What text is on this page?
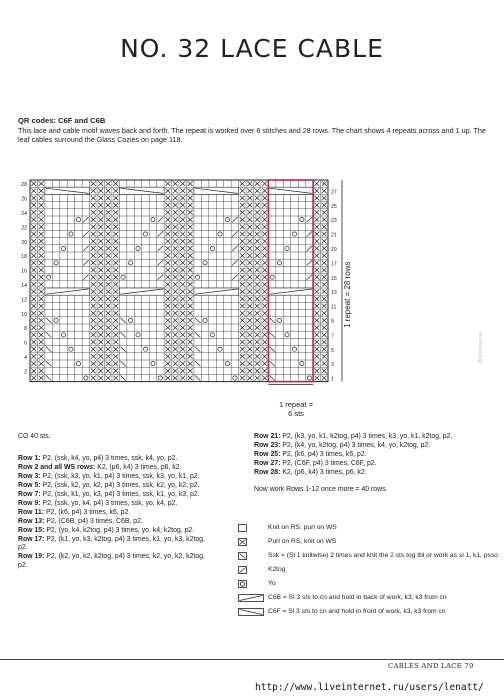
NO. 32 LACE CABLE

QR codes: C6F and C6B

This lace and cable motif waves back and forth. The repeat is worked over 6 stitches and 28 rows. The chart shows 4 repeats across and 1 up. The leaf cables surround the Glass Cozies on page 118.

28
26
24
22
20
18
16
14
12
10
8
6
4
2
27
25
23
21
19
17
15
13
11
9
7
5
3
1
1 repeat = 28 rows
1 repeat =
6 sts
@liveinternet
CO 40 sts.
Row 1: P2, (ssk, k4, yo, p4) 3 times, ssk, k4, yo, p2.
Row 2 and all WS rows: K2, (p6, k4) 3 times, p6, k2.
Row 3: P2, (ssk, k3, yo, k1, p4) 3 times, ssk, k3, yo, k1, p2.
Row 5: P2, (ssk, k2, yo, k2, p4) 3 times, ssk, k2, yo, k2, p2.
Row 7: P2, (ssk, k1, yo, k3, p4) 3 times, ssk, k1, yo, k3, p2.
Row 9: P2, (ssk, yo, k4, p4) 3 times, ssk, yo, k4, p2.
Row 11: P2, (k6, p4) 3 times, k6, p2.
Row 13: P2, (C6B, p4) 3 times, C6B, p2.
Row 15: P2, (yo, k4, k2tog, p4) 3 times, yo, k4, k2tog, p2.
Row 17: P2, (k1, yo, k3, k2tog, p4) 3 times, k1, yo, k3, k2tog, p2.
Row 19: P2, (k2, yo, k2, k2tog, p4) 3 times, k2, yo, k2, k2tog, p2.
Row 21: P2, (k3, yo, k1, k2tog, p4) 3 times, k3, yo, k1, k2tog, p2.
Row 23: P2, (k4, yo, k2tog, p4) 3 times, k4, yo, k2tog, p2.
Row 25: P2, (k6, p4) 3 times, k6, p2.
Row 27: P2, (C6F, p4) 3 times, C6F, p2.
Row 28: K2, (p6, k4) 3 times, p6, k2.
Now work Rows 1-12 once more = 40 rows.
Knit on RS, purl on WS
Purl on RS, knit on WS
Ssk = (Sl 1 knitwise) 2 times and knit the 2 sts tog tbl or work as sl 1, k1, psso
K2tog
Yo
C6B = Sl 3 sts to cn and hold in back of work, k3, k3 from cn
C6F = Sl 3 sts to cn and hold in front of work, k3, k3 from cn
CABLES AND LACE 79
http://www.liveinternet.ru/users/lenatt/
